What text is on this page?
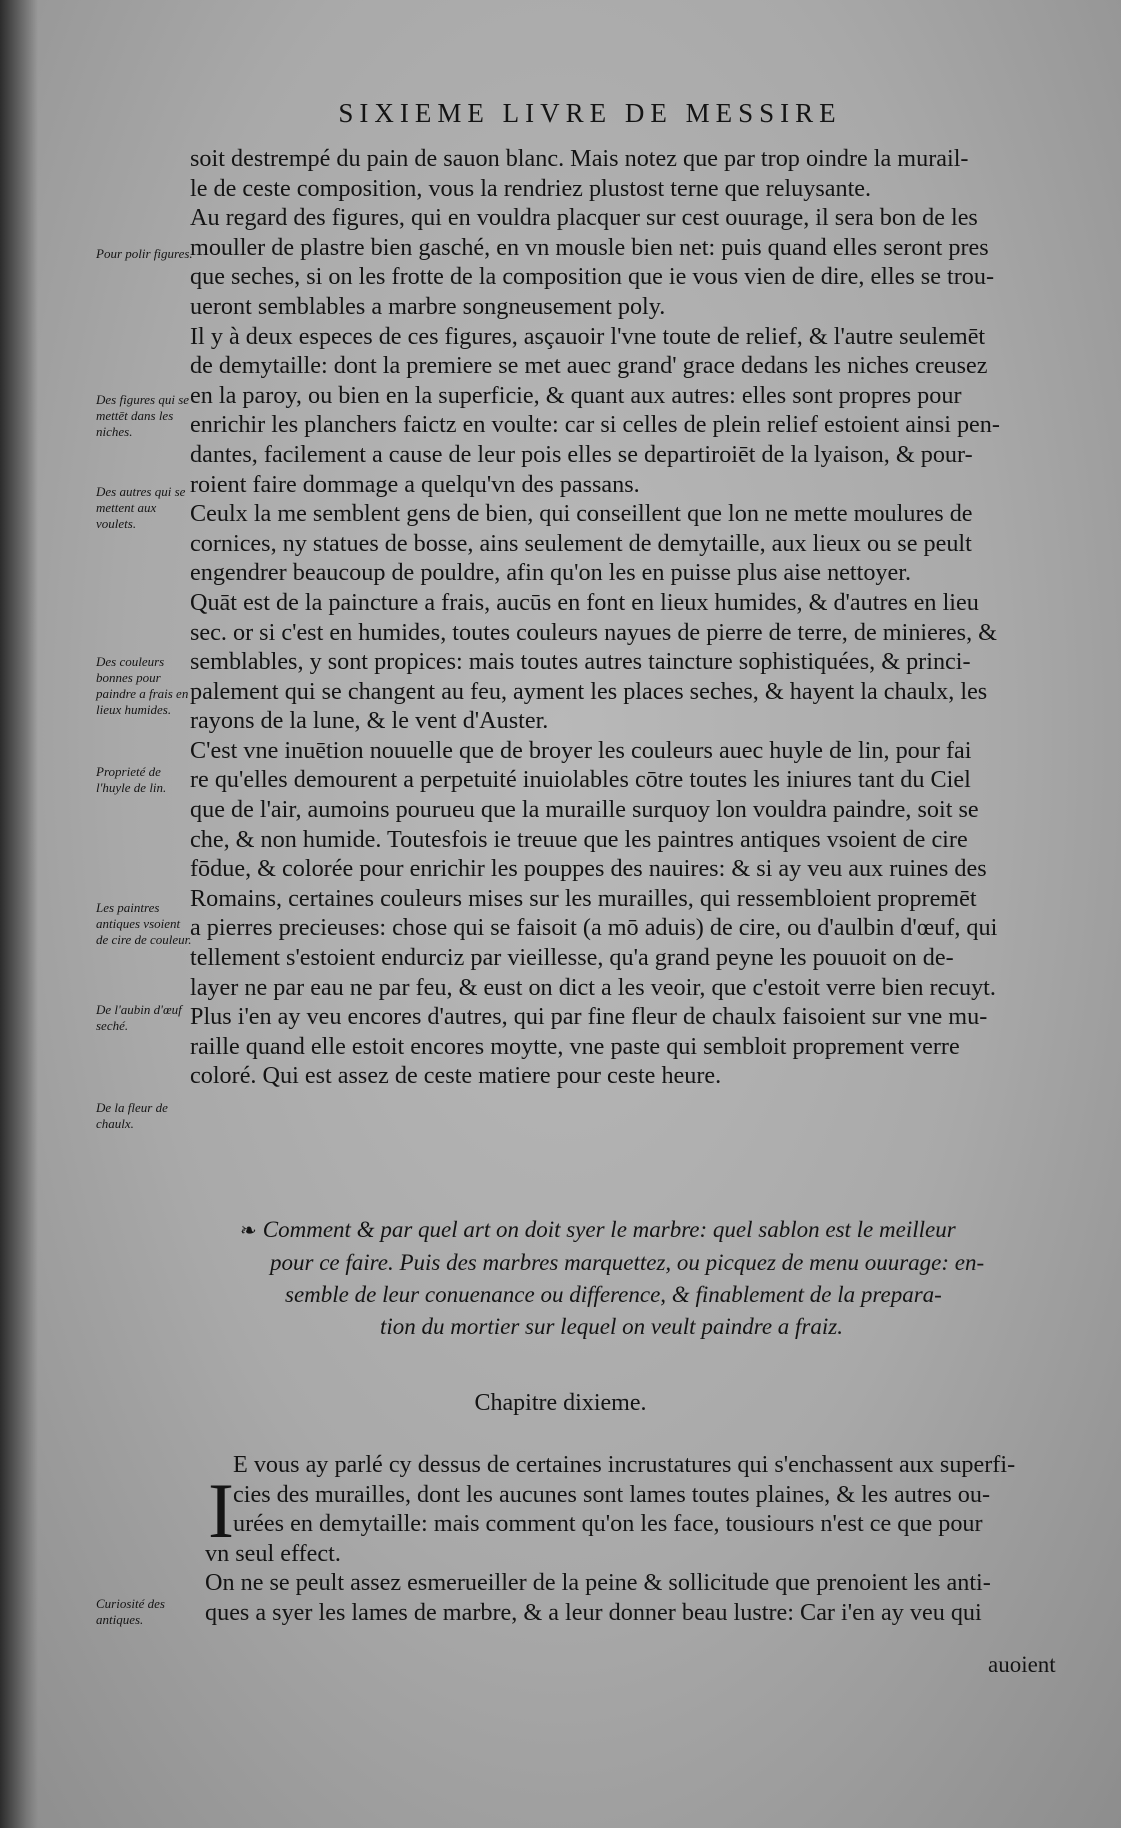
SIXIEME LIVRE DE MESSIRE

soit destrempé du pain de sauon blanc. Mais notez que par trop oindre la murail-

le de ceste composition, vous la rendriez plustost terne que reluysante.

Au regard des figures, qui en vouldra placquer sur cest ouurage, il sera bon de les

mouller de plastre bien gasché, en vn mousle bien net: puis quand elles seront pres

que seches, si on les frotte de la composition que ie vous vien de dire, elles se trou-

ueront semblables a marbre songneusement poly.

Il y à deux especes de ces figures, asçauoir l'vne toute de relief, & l'autre seulemēt

de demytaille: dont la premiere se met auec grand' grace dedans les niches creusez

en la paroy, ou bien en la superficie, & quant aux autres: elles sont propres pour

enrichir les planchers faictz en voulte: car si celles de plein relief estoient ainsi pen-

dantes, facilement a cause de leur pois elles se departiroiēt de la lyaison, & pour-

roient faire dommage a quelqu'vn des passans.

Ceulx la me semblent gens de bien, qui conseillent que lon ne mette moulures de

cornices, ny statues de bosse, ains seulement de demytaille, aux lieux ou se peult

engendrer beaucoup de pouldre, afin qu'on les en puisse plus aise nettoyer.

Quāt est de la paincture a frais, aucūs en font en lieux humides, & d'autres en lieu

sec. or si c'est en humides, toutes couleurs nayues de pierre de terre, de minieres, &

semblables, y sont propices: mais toutes autres taincture sophistiquées, & princi-

palement qui se changent au feu, ayment les places seches, & hayent la chaulx, les

rayons de la lune, & le vent d'Auster.

C'est vne inuētion nouuelle que de broyer les couleurs auec huyle de lin, pour fai

re qu'elles demourent a perpetuité inuiolables cōtre toutes les iniures tant du Ciel

que de l'air, aumoins pourueu que la muraille surquoy lon vouldra paindre, soit se

che, & non humide. Toutesfois ie treuue que les paintres antiques vsoient de cire

fōdue, & colorée pour enrichir les pouppes des nauires: & si ay veu aux ruines des

Romains, certaines couleurs mises sur les murailles, qui ressembloient propremēt

a pierres precieuses: chose qui se faisoit (a mō aduis) de cire, ou d'aulbin d'œuf, qui

tellement s'estoient endurciz par vieillesse, qu'a grand peyne les pouuoit on de-

layer ne par eau ne par feu, & eust on dict a les veoir, que c'estoit verre bien recuyt.

Plus i'en ay veu encores d'autres, qui par fine fleur de chaulx faisoient sur vne mu-

raille quand elle estoit encores moytte, vne paste qui sembloit proprement verre

coloré. Qui est assez de ceste matiere pour ceste heure.

Pour polir figures.
Des figures qui se mettēt dans les niches.
Des autres qui se mettent aux voulets.
Des couleurs bonnes pour paindre a frais en lieux humides.
Proprieté de l'huyle de lin.
Les paintres antiques vsoient de cire de couleur.
De l'aubin d'œuf seché.
De la fleur de chaulx.
Curiosité des antiques.
❧ Comment & par quel art on doit syer le marbre: quel sablon est le meilleur
pour ce faire. Puis des marbres marquettez, ou picquez de menu ouurage: en-
semble de leur conuenance ou difference, & finablement de la prepara-
tion du mortier sur lequel on veult paindre a fraiz.
Chapitre dixieme.
I

E vous ay parlé cy dessus de certaines incrustatures qui s'enchassent aux superfi-

cies des murailles, dont les aucunes sont lames toutes plaines, & les autres ou-

urées en demytaille: mais comment qu'on les face, tousiours n'est ce que pour

vn seul effect.

On ne se peult assez esmerueiller de la peine & sollicitude que prenoient les anti-

ques a syer les lames de marbre, & a leur donner beau lustre: Car i'en ay veu qui

auoient
